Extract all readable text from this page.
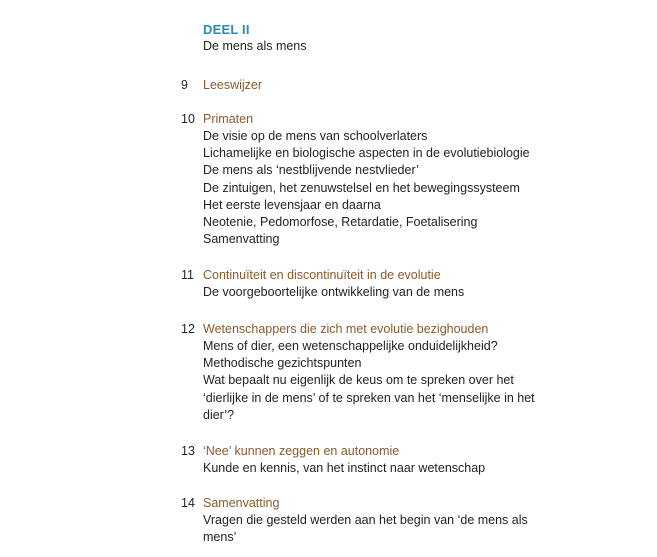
DEEL II
De mens als mens
9	Leeswijzer
10 Primaten
De visie op de mens van schoolverlaters
Lichamelijke en biologische aspecten in de evolutiebiologie
De mens als ‘nestblijvende nestvlieder’
De zintuigen, het zenuwstelsel en het bewegingssysteem
Het eerste levensjaar en daarna
Neotenie, Pedomorfose, Retardatie, Foetalisering
Samenvatting
11 Continuïteit en discontinuïteit in de evolutie
De voorgeboortelijke ontwikkeling van de mens
12 Wetenschappers die zich met evolutie bezighouden
Mens of dier, een wetenschappelijke onduidelijkheid?
Methodische gezichtspunten
Wat bepaalt nu eigenlijk de keus om te spreken over het ‘dierlijke in de mens’ of te spreken van het ‘menselijke in het dier’?
13 ‘Nee’ kunnen zeggen en autonomie
Kunde en kennis, van het instinct naar wetenschap
14 Samenvatting
Vragen die gesteld werden aan het begin van ‘de mens als mens’
